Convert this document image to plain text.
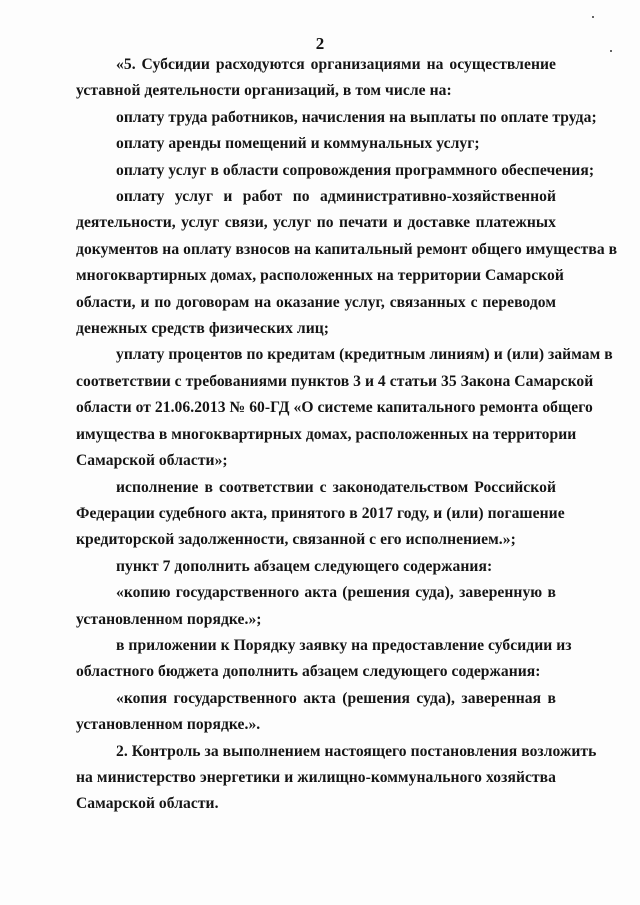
2
«5. Субсидии расходуются организациями на осуществление
уставной деятельности организаций, в том числе на:
оплату труда работников, начисления на выплаты по оплате труда;
оплату аренды помещений и коммунальных услуг;
оплату услуг в области сопровождения программного обеспечения;
оплату услуг и работ по административно-хозяйственной
деятельности, услуг связи, услуг по печати и доставке платежных
документов на оплату взносов на капитальный ремонт общего имущества в
многоквартирных домах, расположенных на территории Самарской
области, и по договорам на оказание услуг, связанных с переводом
денежных средств физических лиц;
уплату процентов по кредитам (кредитным линиям) и (или) займам в
соответствии с требованиями пунктов 3 и 4 статьи 35 Закона Самарской
области от 21.06.2013 № 60-ГД «О системе капитального ремонта общего
имущества в многоквартирных домах, расположенных на территории
Самарской области»;
исполнение в соответствии с законодательством Российской
Федерации судебного акта, принятого в 2017 году, и (или) погашение
кредиторской задолженности, связанной с его исполнением.»;
пункт 7 дополнить абзацем следующего содержания:
«копию государственного акта (решения суда), заверенную в
установленном порядке.»;
в приложении к Порядку заявку на предоставление субсидии из
областного бюджета дополнить абзацем следующего содержания:
«копия государственного акта (решения суда), заверенная в
установленном порядке.».
2. Контроль за выполнением настоящего постановления возложить
на министерство энергетики и жилищно-коммунального хозяйства
Самарской области.
